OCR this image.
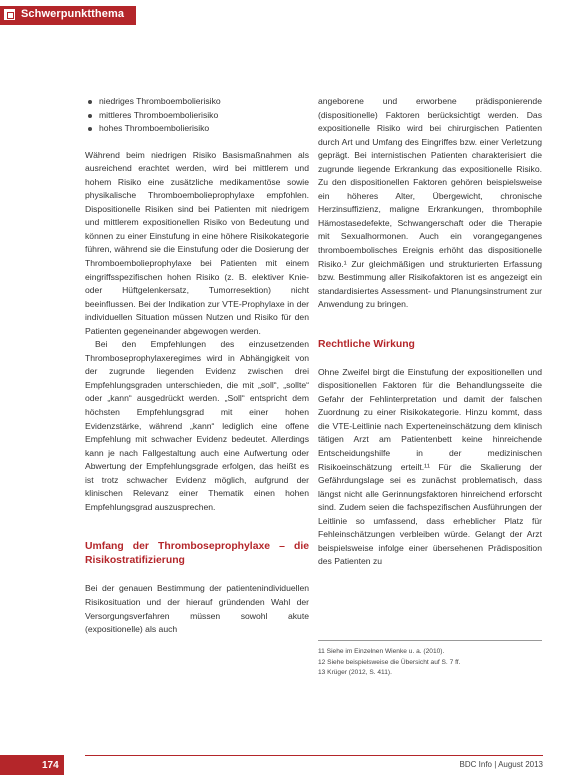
Schwerpunktthema
niedriges Thromboembolierisiko
mittleres Thromboembolierisiko
hohes Thromboembolierisiko

Während beim niedrigen Risiko Basismaßnahmen als ausreichend erachtet werden, wird bei mittlerem und hohem Risiko eine zusätzliche medikamentöse sowie physikalische Thromboembolieprophylaxe empfohlen. Dispositionelle Risiken sind bei Patienten mit niedrigem und mittlerem expositionellen Risiko von Bedeutung und können zu einer Einstufung in eine höhere Risikokategorie führen, während sie die Einstufung oder die Dosierung der Thromboembolieprophylaxe bei Patienten mit einem eingriffsspezifischen hohen Risiko (z. B. elektiver Knie- oder Hüftgelenkersatz, Tumorresektion) nicht beeinflussen. Bei der Indikation zur VTE-Prophylaxe in der individuellen Situation müssen Nutzen und Risiko für den Patienten gegeneinander abgewogen werden.

Bei den Empfehlungen des einzusetzenden Thromboseprophylaxeregimes wird in Abhängigkeit von der zugrunde liegenden Evidenz zwischen drei Empfehlungsgraden unterschieden, die mit „soll“, „sollte“ oder „kann“ ausgedrückt werden. „Soll“ entspricht dem höchsten Empfehlungsgrad mit einer hohen Evidenzstärke, während „kann“ lediglich eine offene Empfehlung mit schwacher Evidenz bedeutet. Allerdings kann je nach Fallgestaltung auch eine Aufwertung oder Abwertung der Empfehlungsgrade erfolgen, das heißt es ist trotz schwacher Evidenz möglich, aufgrund der klinischen Relevanz einer Thematik einen hohen Empfehlungsgrad auszusprechen.

Umfang der Thromboseprophylaxe – die Risikostratifizierung

Bei der genauen Bestimmung der patientenindividuellen Risikosituation und der hierauf gründenden Wahl der Versorgungsverfahren müssen sowohl akute (expositionelle) als auch

angeborene und erworbene prädisponierende (dispositionelle) Faktoren berücksichtigt werden. Das expositionelle Risiko wird bei chirurgischen Patienten durch Art und Umfang des Eingriffes bzw. einer Verletzung geprägt. Bei internistischen Patienten charakterisiert die zugrunde liegende Erkrankung das expositionelle Risiko. Zu den dispositionellen Faktoren gehören beispielsweise ein höheres Alter, Übergewicht, chronische Herzinsuffizienz, maligne Erkrankungen, thrombophile Hämostasedefekte, Schwangerschaft oder die Therapie mit Sexualhormonen. Auch ein vorangegangenes thromboembolisches Ereignis erhöht das dispositionelle Risiko.¹ Zur gleichmäßigen und strukturierten Erfassung bzw. Bestimmung aller Risikofaktoren ist es angezeigt ein standardisiertes Assessment- und Planungsinstrument zur Anwendung zu bringen.

Rechtliche Wirkung

Ohne Zweifel birgt die Einstufung der expositionellen und dispositionellen Faktoren für die Behandlungsseite die Gefahr der Fehlinterpretation und damit der falschen Zuordnung zu einer Risikokategorie. Hinzu kommt, dass die VTE-Leitlinie nach Experteneinschätzung dem klinisch tätigen Arzt am Patientenbett keine hinreichende Entscheidungshilfe in der medizinischen Risikoeinschätzung erteilt.¹¹ Für die Skalierung der Gefährdungslage sei es zunächst problematisch, dass längst nicht alle Gerinnungsfaktoren hinreichend erforscht sind. Zudem seien die fachspezifischen Ausführungen der Leitlinie so umfassend, dass erheblicher Platz für Fehleinschätzungen verbleiben würde. Gelangt der Arzt beispielsweise infolge einer übersehenen Prädisposition des Patienten zu

11 Siehe im Einzelnen Wienke u. a. (2010).
12 Siehe beispielsweise die Übersicht auf S. 7 ff.
13 Krüger (2012, S. 411).
174	BDC Info | August 2013
